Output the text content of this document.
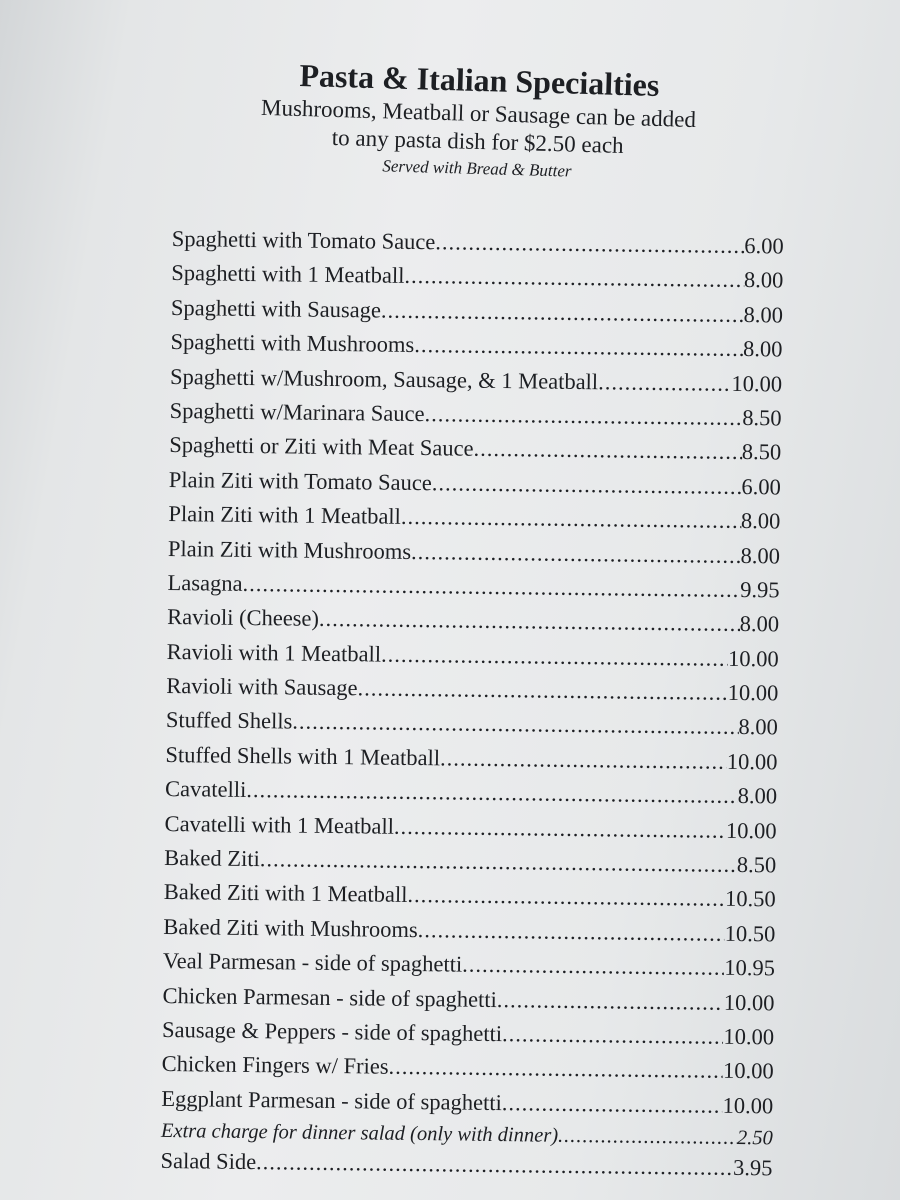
Pasta & Italian Specialties

Mushrooms, Meatball or Sausage can be added

to any pasta dish for $2.50 each

Served with Bread & Butter
Spaghetti with Tomato Sauce .....	6.00
Spaghetti with 1 Meatball .....	8.00
Spaghetti with Sausage .....	8.00
Spaghetti with Mushrooms .....	8.00
Spaghetti w/Mushroom, Sausage, & 1 Meatball .....	10.00
Spaghetti w/Marinara Sauce .....	8.50
Spaghetti or Ziti with Meat Sauce .....	8.50
Plain Ziti with Tomato Sauce .....	6.00
Plain Ziti with 1 Meatball .....	8.00
Plain Ziti with Mushrooms .....	8.00
Lasagna .....	9.95
Ravioli (Cheese) .....	8.00
Ravioli with 1 Meatball .....	10.00
Ravioli with Sausage .....	10.00
Stuffed Shells .....	8.00
Stuffed Shells with 1 Meatball .....	10.00
Cavatelli .....	8.00
Cavatelli with 1 Meatball .....	10.00
Baked Ziti .....	8.50
Baked Ziti with 1 Meatball .....	10.50
Baked Ziti with Mushrooms .....	10.50
Veal Parmesan - side of spaghetti .....	10.95
Chicken Parmesan - side of spaghetti .....	10.00
Sausage & Peppers - side of spaghetti .....	10.00
Chicken Fingers w/ Fries .....	10.00
Eggplant Parmesan - side of spaghetti .....	10.00
Extra charge for dinner salad (only with dinner) .....	2.50
Salad Side .....	3.95
